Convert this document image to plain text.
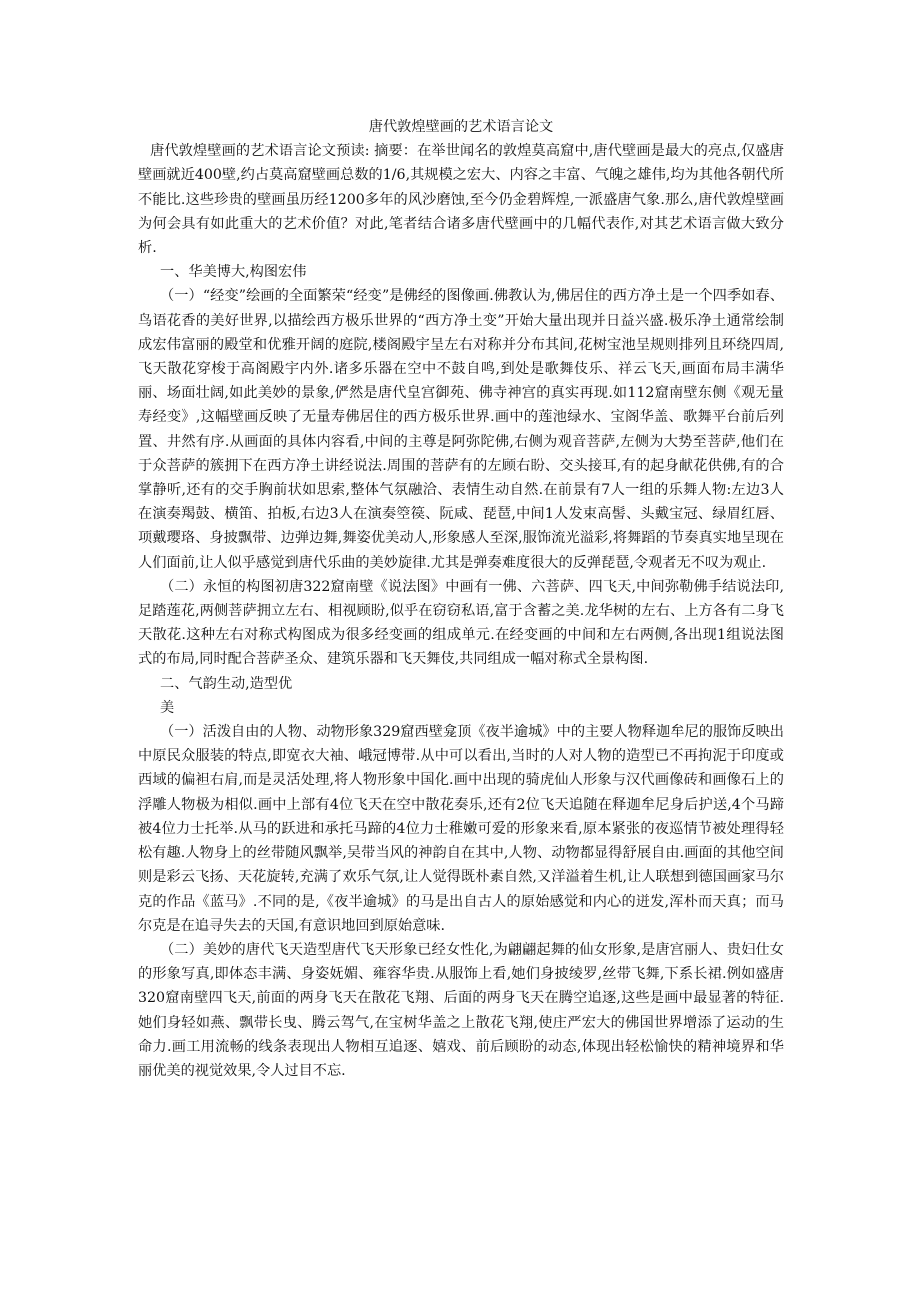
唐代敦煌壁画的艺术语言论文

唐代敦煌壁画的艺术语言论文预读: 摘要：在举世闻名的敦煌莫高窟中,唐代壁画是最大的亮点,仅盛唐壁画就近400壁,约占莫高窟壁画总数的1/6,其规模之宏大、内容之丰富、气魄之雄伟,均为其他各朝代所不能比.这些珍贵的壁画虽历经1200多年的风沙磨蚀,至今仍金碧辉煌,一派盛唐气象.那么,唐代敦煌壁画为何会具有如此重大的艺术价值？对此,笔者结合诸多唐代壁画中的几幅代表作,对其艺术语言做大致分析.

一、华美博大,构图宏伟

（一）“经变”绘画的全面繁荣“经变”是佛经的图像画.佛教认为,佛居住的西方净土是一个四季如春、鸟语花香的美好世界,以描绘西方极乐世界的“西方净土变”开始大量出现并日益兴盛.极乐净土通常绘制成宏伟富丽的殿堂和优雅开阔的庭院,楼阁殿宇呈左右对称并分布其间,花树宝池呈规则排列且环绕四周,飞天散花穿梭于高阁殿宇内外.诸多乐器在空中不鼓自鸣,到处是歌舞伎乐、祥云飞天,画面布局丰满华丽、场面壮阔,如此美妙的景象,俨然是唐代皇宫御苑、佛寺神宫的真实再现.如112窟南壁东侧《观无量寿经变》,这幅壁画反映了无量寿佛居住的西方极乐世界.画中的莲池绿水、宝阁华盖、歌舞平台前后列置、井然有序.从画面的具体内容看,中间的主尊是阿弥陀佛,右侧为观音菩萨,左侧为大势至菩萨,他们在于众菩萨的簇拥下在西方净土讲经说法.周围的菩萨有的左顾右盼、交头接耳,有的起身献花供佛,有的合掌静听,还有的交手胸前状如思索,整体气氛融洽、表情生动自然.在前景有7人一组的乐舞人物:左边3人在演奏羯鼓、横笛、拍板,右边3人在演奏箜篌、阮咸、琵琶,中间1人发束高髻、头戴宝冠、绿眉红唇、项戴璎珞、身披飘带、边弹边舞,舞姿优美动人,形象感人至深,服饰流光溢彩,将舞蹈的节奏真实地呈现在人们面前,让人似乎感觉到唐代乐曲的美妙旋律.尤其是弹奏难度很大的反弹琵琶,令观者无不叹为观止.

（二）永恒的构图初唐322窟南壁《说法图》中画有一佛、六菩萨、四飞天,中间弥勒佛手结说法印,足踏莲花,两侧菩萨拥立左右、相视顾盼,似乎在窃窃私语,富于含蓄之美.龙华树的左右、上方各有二身飞天散花.这种左右对称式构图成为很多经变画的组成单元.在经变画的中间和左右两侧,各出现1组说法图式的布局,同时配合菩萨圣众、建筑乐器和飞天舞伎,共同组成一幅对称式全景构图.

二、气韵生动,造型优

美

（一）活泼自由的人物、动物形象329窟西壁龛顶《夜半逾城》中的主要人物释迦牟尼的服饰反映出中原民众服装的特点,即宽衣大袖、峨冠博带.从中可以看出,当时的人对人物的造型已不再拘泥于印度或西域的偏袒右肩,而是灵活处理,将人物形象中国化.画中出现的骑虎仙人形象与汉代画像砖和画像石上的浮雕人物极为相似.画中上部有4位飞天在空中散花奏乐,还有2位飞天追随在释迦牟尼身后护送,4个马蹄被4位力士托举.从马的跃进和承托马蹄的4位力士稚嫩可爱的形象来看,原本紧张的夜巡情节被处理得轻松有趣.人物身上的丝带随风飘举,吴带当风的神韵自在其中,人物、动物都显得舒展自由.画面的其他空间则是彩云飞扬、天花旋转,充满了欢乐气氛,让人觉得既朴素自然,又洋溢着生机,让人联想到德国画家马尔克的作品《蓝马》.不同的是,《夜半逾城》的马是出自古人的原始感觉和内心的迸发,浑朴而天真；而马尔克是在追寻失去的天国,有意识地回到原始意味.

（二）美妙的唐代飞天造型唐代飞天形象已经女性化,为翩翩起舞的仙女形象,是唐宫丽人、贵妇仕女的形象写真,即体态丰满、身姿妩媚、雍容华贵.从服饰上看,她们身披绫罗,丝带飞舞,下系长裙.例如盛唐320窟南壁四飞天,前面的两身飞天在散花飞翔、后面的两身飞天在腾空追逐,这些是画中最显著的特征.她们身轻如燕、飘带长曳、腾云驾气,在宝树华盖之上散花飞翔,使庄严宏大的佛国世界增添了运动的生命力.画工用流畅的线条表现出人物相互追逐、嬉戏、前后顾盼的动态,体现出轻松愉快的精神境界和华丽优美的视觉效果,令人过目不忘.
